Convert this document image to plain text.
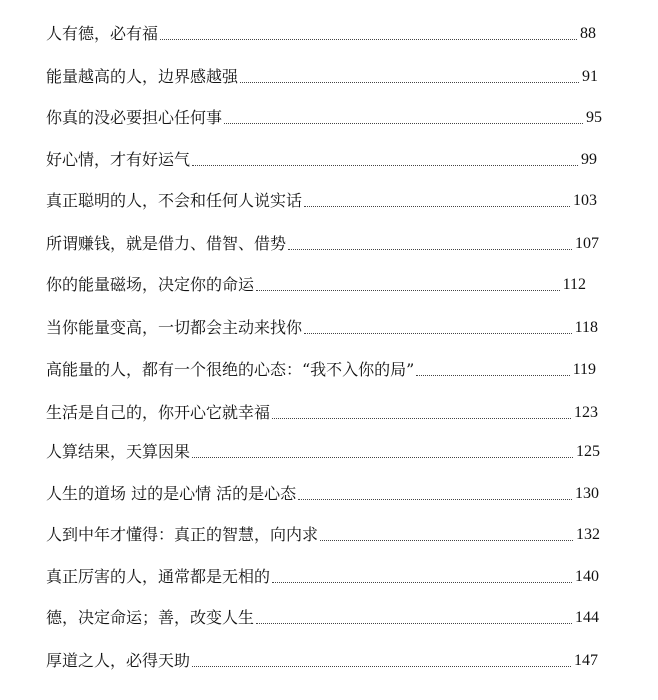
人有德，必有福	88
能量越高的人，边界感越强	91
你真的没必要担心任何事	95
好心情，才有好运气	99
真正聪明的人，不会和任何人说实话	103
所谓赚钱，就是借力、借智、借势	107
你的能量磁场，决定你的命运	112
当你能量变高，一切都会主动来找你	118
高能量的人，都有一个很绝的心态：“我不入你的局”	119
生活是自己的，你开心它就幸福	123
人算结果，天算因果	125
人生的道场 过的是心情 活的是心态	130
人到中年才懂得：真正的智慧，向内求	132
真正厉害的人，通常都是无相的	140
德，决定命运；善，改变人生	144
厚道之人，必得天助	147
